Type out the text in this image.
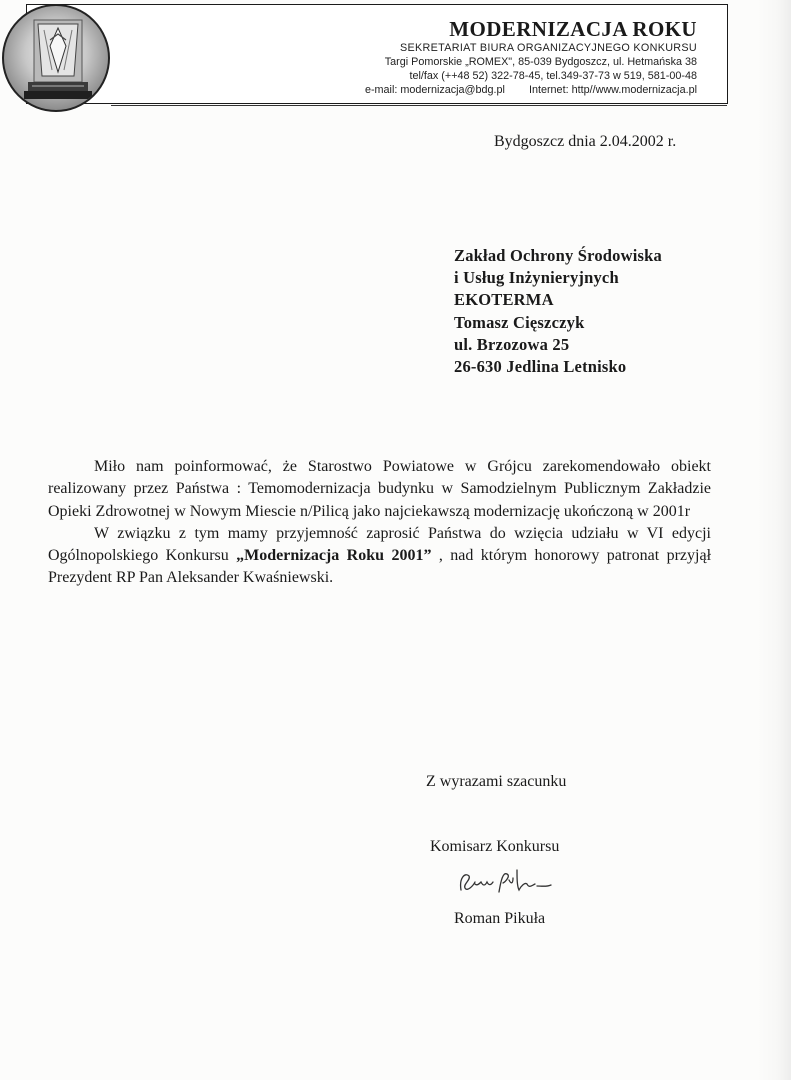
MODERNIZACJA ROKU
SEKRETARIAT BIURA ORGANIZACYJNEGO KONKURSU
Targi Pomorskie „ROMEX", 85-039 Bydgoszcz, ul. Hetmańska 38
tel/fax (++48 52) 322-78-45, tel.349-37-73 w 519, 581-00-48
e-mail: modernizacja@bdg.pl Internet: http//www.modernizacja.pl
Bydgoszcz dnia 2.04.2002 r.
Zakład Ochrony Środowiska
i Usług Inżynieryjnych
EKOTERMA
Tomasz Cięszczyk
ul. Brzozowa 25
26-630 Jedlina Letnisko

Miło nam poinformować, że Starostwo Powiatowe w Grójcu zarekomendowało obiekt realizowany przez Państwa : Temomodernizacja budynku w Samodzielnym Publicznym Zakładzie Opieki Zdrowotnej w Nowym Miescie n/Pilicą jako najciekawszą modernizację ukończoną w 2001r

W związku z tym mamy przyjemność zaprosić Państwa do wzięcia udziału w VI edycji Ogólnopolskiego Konkursu „Modernizacja Roku 2001” , nad którym honorowy patronat przyjął Prezydent RP Pan Aleksander Kwaśniewski.

Z wyrazami szacunku
Komisarz Konkursu
Roman Pikuła
